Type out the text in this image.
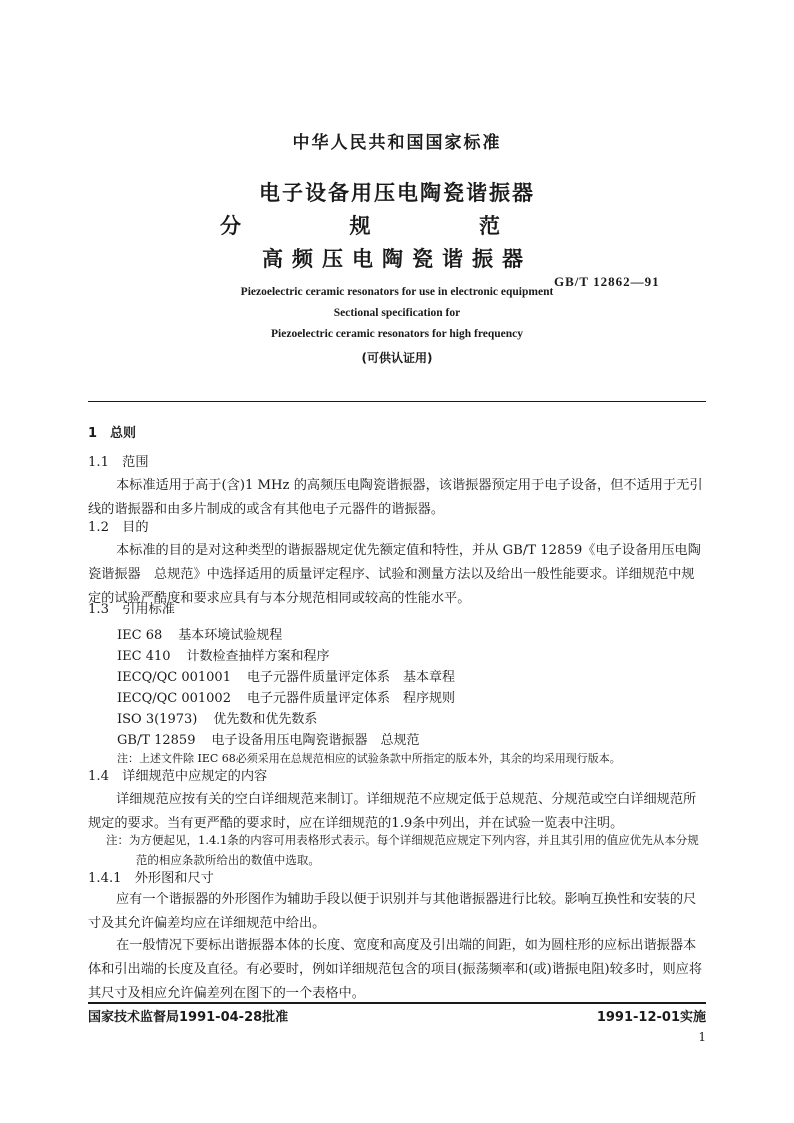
中华人民共和国国家标准
电子设备用压电陶瓷谐振器
分	规	范
高频压电陶瓷谐振器
GB/T 12862—91
Piezoelectric ceramic resonators for use in electronic equipment
Sectional specification for
Piezoelectric ceramic resonators for high frequency
(可供认证用)
1　总则
1.1　范围
本标准适用于高于(含)1 MHz 的高频压电陶瓷谐振器，该谐振器预定用于电子设备，但不适用于无引线的谐振器和由多片制成的或含有其他电子元器件的谐振器。
1.2　目的
本标准的目的是对这种类型的谐振器规定优先额定值和特性，并从 GB/T 12859《电子设备用压电陶瓷谐振器　总规范》中选择适用的质量评定程序、试验和测量方法以及给出一般性能要求。详细规范中规定的试验严酷度和要求应具有与本分规范相同或较高的性能水平。
1.3　引用标准
IEC 68 基本环境试验规程
IEC 410 计数检查抽样方案和程序
IECQ/QC 001001 电子元器件质量评定体系　基本章程
IECQ/QC 001002 电子元器件质量评定体系　程序规则
ISO 3(1973) 优先数和优先数系
GB/T 12859 电子设备用压电陶瓷谐振器　总规范
注：上述文件除 IEC 68必须采用在总规范相应的试验条款中所指定的版本外，其余的均采用现行版本。
1.4　详细规范中应规定的内容
详细规范应按有关的空白详细规范来制订。详细规范不应规定低于总规范、分规范或空白详细规范所规定的要求。当有更严酷的要求时，应在详细规范的1.9条中列出，并在试验一览表中注明。
注：为方便起见，1.4.1条的内容可用表格形式表示。每个详细规范应规定下列内容，并且其引用的值应优先从本分规范的相应条款所给出的数值中选取。
1.4.1　外形图和尺寸
应有一个谐振器的外形图作为辅助手段以便于识别并与其他谐振器进行比较。影响互换性和安装的尺寸及其允许偏差均应在详细规范中给出。
在一般情况下要标出谐振器本体的长度、宽度和高度及引出端的间距，如为圆柱形的应标出谐振器本体和引出端的长度及直径。有必要时，例如详细规范包含的项目(振荡频率和(或)谐振电阻)较多时，则应将其尺寸及相应允许偏差列在图下的一个表格中。
国家技术监督局1991-04-28批准	1991-12-01实施
1
